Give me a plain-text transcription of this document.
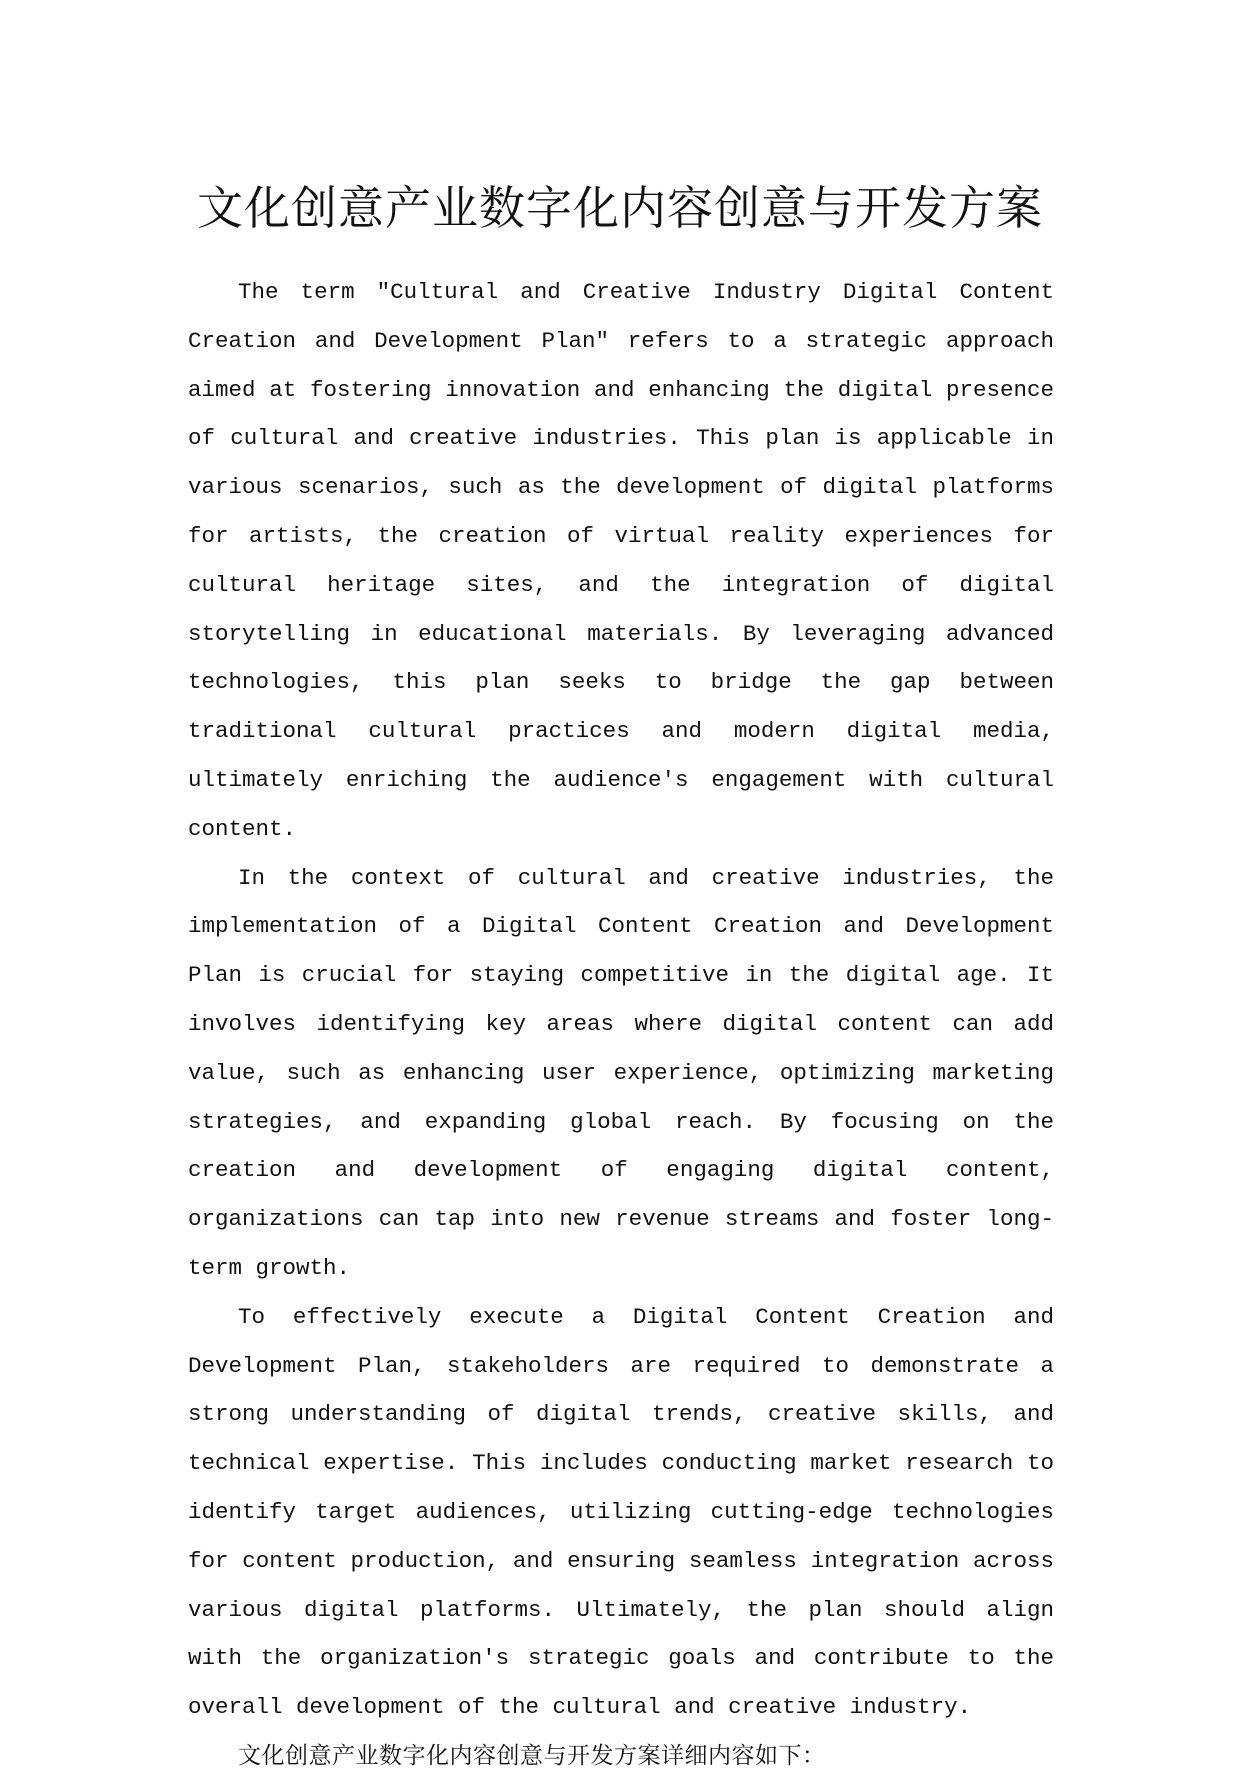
文化创意产业数字化内容创意与开发方案

The term "Cultural and Creative Industry Digital Content Creation and Development Plan" refers to a strategic approach aimed at fostering innovation and enhancing the digital presence of cultural and creative industries. This plan is applicable in various scenarios, such as the development of digital platforms for artists, the creation of virtual reality experiences for cultural heritage sites, and the integration of digital storytelling in educational materials. By leveraging advanced technologies, this plan seeks to bridge the gap between traditional cultural practices and modern digital media, ultimately enriching the audience's engagement with cultural content.

In the context of cultural and creative industries, the implementation of a Digital Content Creation and Development Plan is crucial for staying competitive in the digital age. It involves identifying key areas where digital content can add value, such as enhancing user experience, optimizing marketing strategies, and expanding global reach. By focusing on the creation and development of engaging digital content, organizations can tap into new revenue streams and foster long-term growth.

To effectively execute a Digital Content Creation and Development Plan, stakeholders are required to demonstrate a strong understanding of digital trends, creative skills, and technical expertise. This includes conducting market research to identify target audiences, utilizing cutting-edge technologies for content production, and ensuring seamless integration across various digital platforms. Ultimately, the plan should align with the organization's strategic goals and contribute to the overall development of the cultural and creative industry.

文化创意产业数字化内容创意与开发方案详细内容如下：
